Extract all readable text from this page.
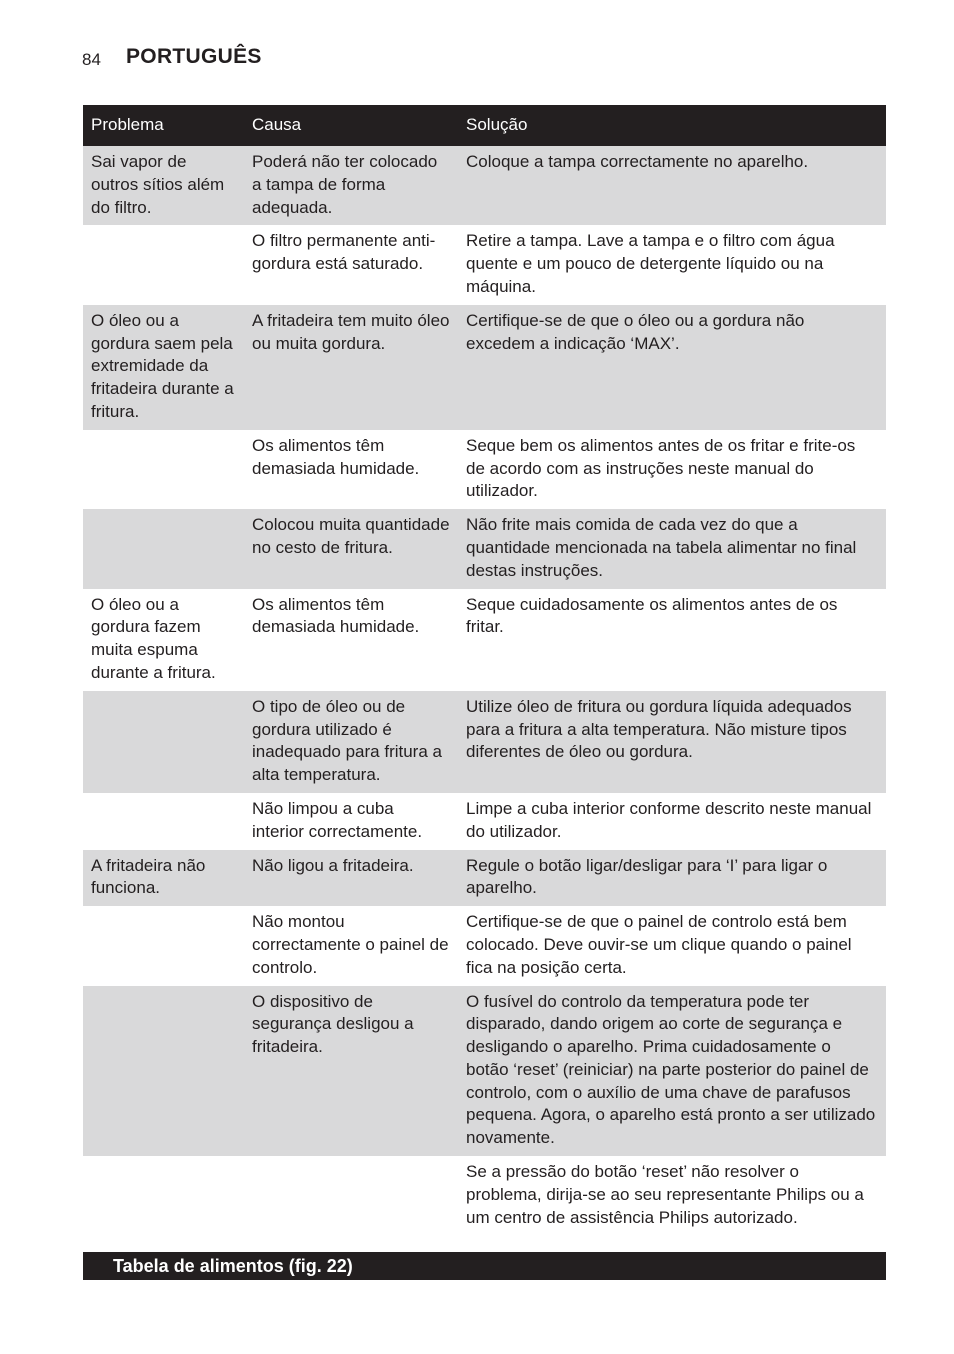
84 PORTUGUÊS
Problema	Causa	Solução
Sai vapor de outros sítios além do filtro.	Poderá não ter colocado a tampa de forma adequada.	Coloque a tampa correctamente no aparelho.
	O filtro permanente anti-gordura está saturado.	Retire a tampa. Lave a tampa e o filtro com água quente e um pouco de detergente líquido ou na máquina.
O óleo ou a gordura saem pela extremidade da fritadeira durante a fritura.	A fritadeira tem muito óleo ou muita gordura.	Certifique-se de que o óleo ou a gordura não excedem a indicação ‘MAX’.
	Os alimentos têm demasiada humidade.	Seque bem os alimentos antes de os fritar e frite-os de acordo com as instruções neste manual do utilizador.
	Colocou muita quantidade no cesto de fritura.	Não frite mais comida de cada vez do que a quantidade mencionada na tabela alimentar no final destas instruções.
O óleo ou a gordura fazem muita espuma durante a fritura.	Os alimentos têm demasiada humidade.	Seque cuidadosamente os alimentos antes de os fritar.
	O tipo de óleo ou de gordura utilizado é inadequado para fritura a alta temperatura.	Utilize óleo de fritura ou gordura líquida adequados para a fritura a alta temperatura. Não misture tipos diferentes de óleo ou gordura.
	Não limpou a cuba interior correctamente.	Limpe a cuba interior conforme descrito neste manual do utilizador.
A fritadeira não funciona.	Não ligou a fritadeira.	Regule o botão ligar/desligar para ‘I’ para ligar o aparelho.
	Não montou correctamente o painel de controlo.	Certifique-se de que o painel de controlo está bem colocado. Deve ouvir-se um clique quando o painel fica na posição certa.
	O dispositivo de segurança desligou a fritadeira.	O fusível do controlo da temperatura pode ter disparado, dando origem ao corte de segurança e desligando o aparelho. Prima cuidadosamente o botão ‘reset’ (reiniciar) na parte posterior do painel de controlo, com o auxílio de uma chave de parafusos pequena. Agora, o aparelho está pronto a ser utilizado novamente.
		Se a pressão do botão ‘reset’ não resolver o problema, dirija-se ao seu representante Philips ou a um centro de assistência Philips autorizado.
Tabela de alimentos (fig. 22)
